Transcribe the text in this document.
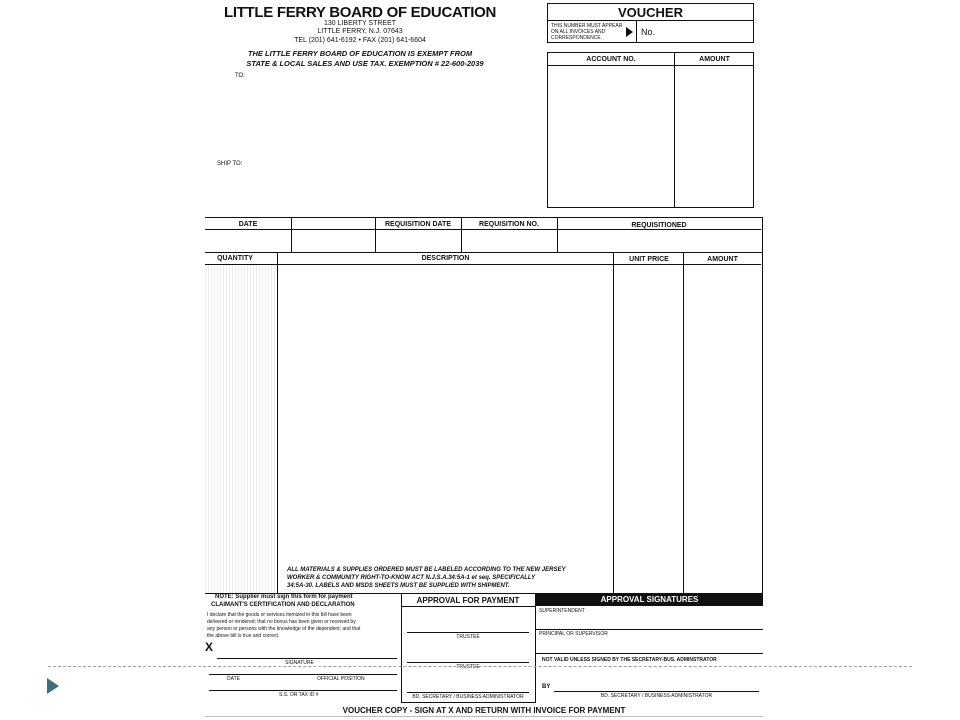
LITTLE FERRY BOARD OF EDUCATION
130 LIBERTY STREET
LITTLE FERRY, N.J. 07643
TEL (201) 641-6192 • FAX (201) 641-6604
THE LITTLE FERRY BOARD OF EDUCATION IS EXEMPT FROM
STATE & LOCAL SALES AND USE TAX. EXEMPTION # 22-600-2039
TO:
SHIP TO:
VOUCHER
THIS NUMBER MUST APPEAR ON ALL INVOICES AND CORRESPONDENCE
No.
ACCOUNT NO.	AMOUNT
DATE	REQUISITION DATE	REQUISITION NO.	REQUISITIONED
QUANTITY	DESCRIPTION	UNIT PRICE	AMOUNT
ALL MATERIALS & SUPPLIES ORDERED MUST BE LABELED ACCORDING TO THE NEW JERSEY
WORKER & COMMUNITY RIGHT-TO-KNOW ACT N.J.S.A.34:5A-1 et seq. SPECIFICALLY
34:5A-30. LABELS AND MSDS SHEETS MUST BE SUPPLIED WITH SHIPMENT.
NOTE: Supplier must sign this form for payment
CLAIMANT'S CERTIFICATION AND DECLARATION
I declare that the goods or services itemized in this bill have been
delivered or rendered; that no bonus has been given or received by
any person or persons with the knowledge of the dependent; and that
the above bill is true and correct.
X
SIGNATURE
DATE	OFFICIAL POSITION
S.S. OR TAX ID #
APPROVAL FOR PAYMENT
TRUSTEE
TRUSTEE
BD. SECRETARY / BUSINESS ADMINISTRATOR
APPROVAL SIGNATURES
SUPERINTENDENT
PRINCIPAL OR SUPERVISOR
NOT VALID UNLESS SIGNED BY THE SECRETARY-BUS. ADMINSTRATOR
BY
BD. SECRETARY / BUSINESS ADMINISTRATOR
VOUCHER COPY - SIGN AT X AND RETURN WITH INVOICE FOR PAYMENT
